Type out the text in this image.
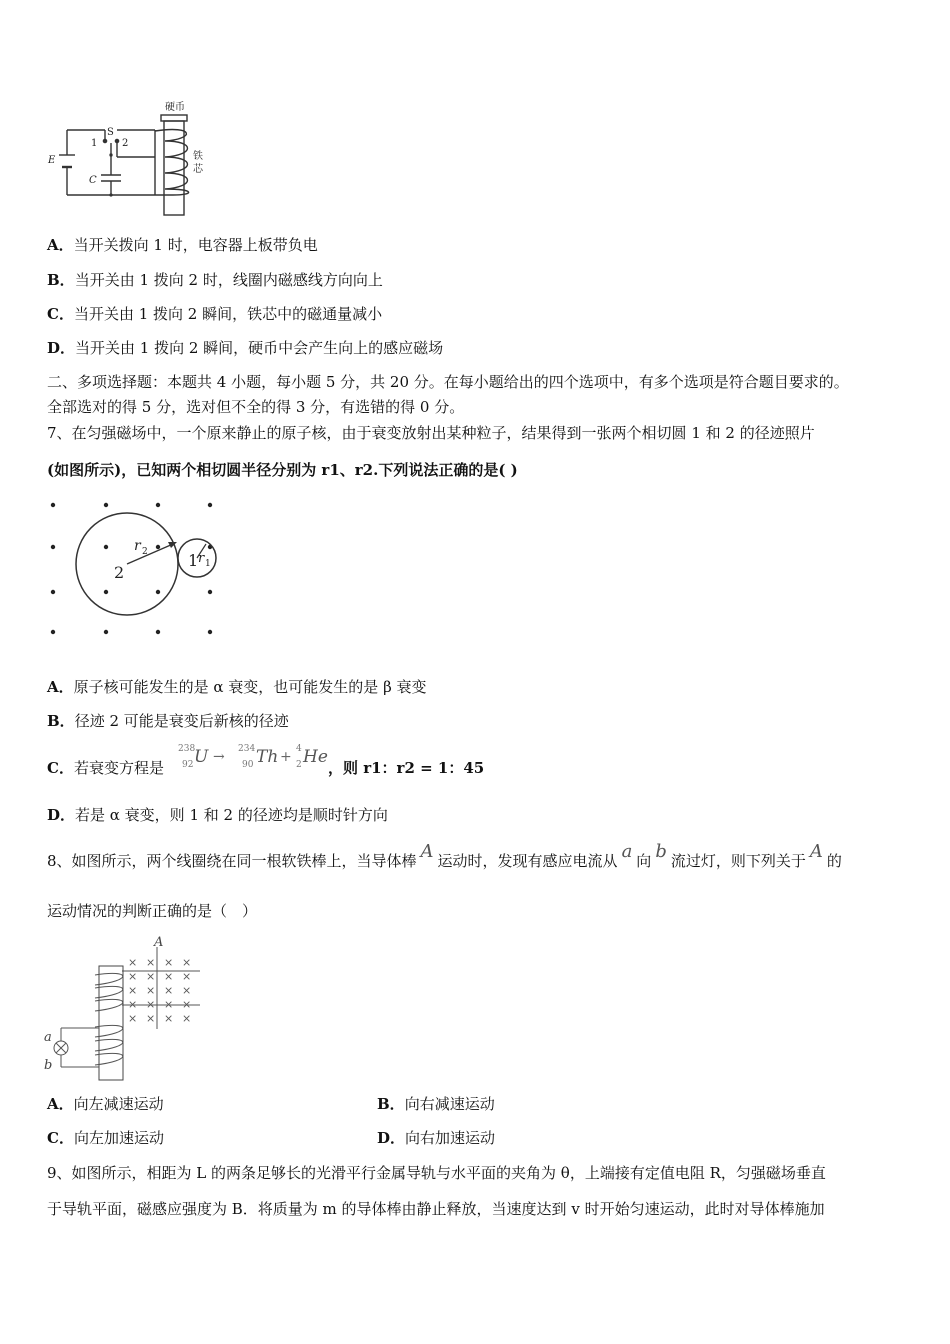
硬币
S
1 2
E
C
铁
芯
A．当开关拨向 1 时，电容器上板带负电
B．当开关由 1 拨向 2 时，线圈内磁感线方向向上
C．当开关由 1 拨向 2 瞬间，铁芯中的磁通量减小
D．当开关由 1 拨向 2 瞬间，硬币中会产生向上的感应磁场
二、多项选择题：本题共 4 小题，每小题 5 分，共 20 分。在每小题给出的四个选项中，有多个选项是符合题目要求的。
全部选对的得 5 分，选对但不全的得 3 分，有选错的得 0 分。
7、在匀强磁场中，一个原来静止的原子核，由于衰变放射出某种粒子，结果得到一张两个相切圆 1 和 2 的径迹照片
(如图所示)，已知两个相切圆半径分别为 r1、r2.下列说法正确的是( )
2
1
r 2	r 1
A．原子核可能发生的是 α 衰变，也可能发生的是 β 衰变
B．径迹 2 可能是衰变后新核的径迹
C．若衰变方程是
238
92 U → 234
90 Th + 4
2 He
，则 r1：r2 = 1：45
D．若是 α 衰变，则 1 和 2 的径迹均是顺时针方向
8、如图所示，两个线圈绕在同一根软铁棒上，当导体棒 A 运动时，发现有感应电流从 a 向 b 流过灯，则下列关于 A 的
运动情况的判断正确的是（　）
× × × ×
× × × ×
× × × ×
× × × ×
× × × ×
A
a
b
A．向左减速运动	B．向右减速运动
C．向左加速运动	D．向右加速运动
9、如图所示，相距为 L 的两条足够长的光滑平行金属导轨与水平面的夹角为 θ，上端接有定值电阻 R，匀强磁场垂直
于导轨平面，磁感应强度为 B．将质量为 m 的导体棒由静止释放，当速度达到 v 时开始匀速运动，此时对导体棒施加
